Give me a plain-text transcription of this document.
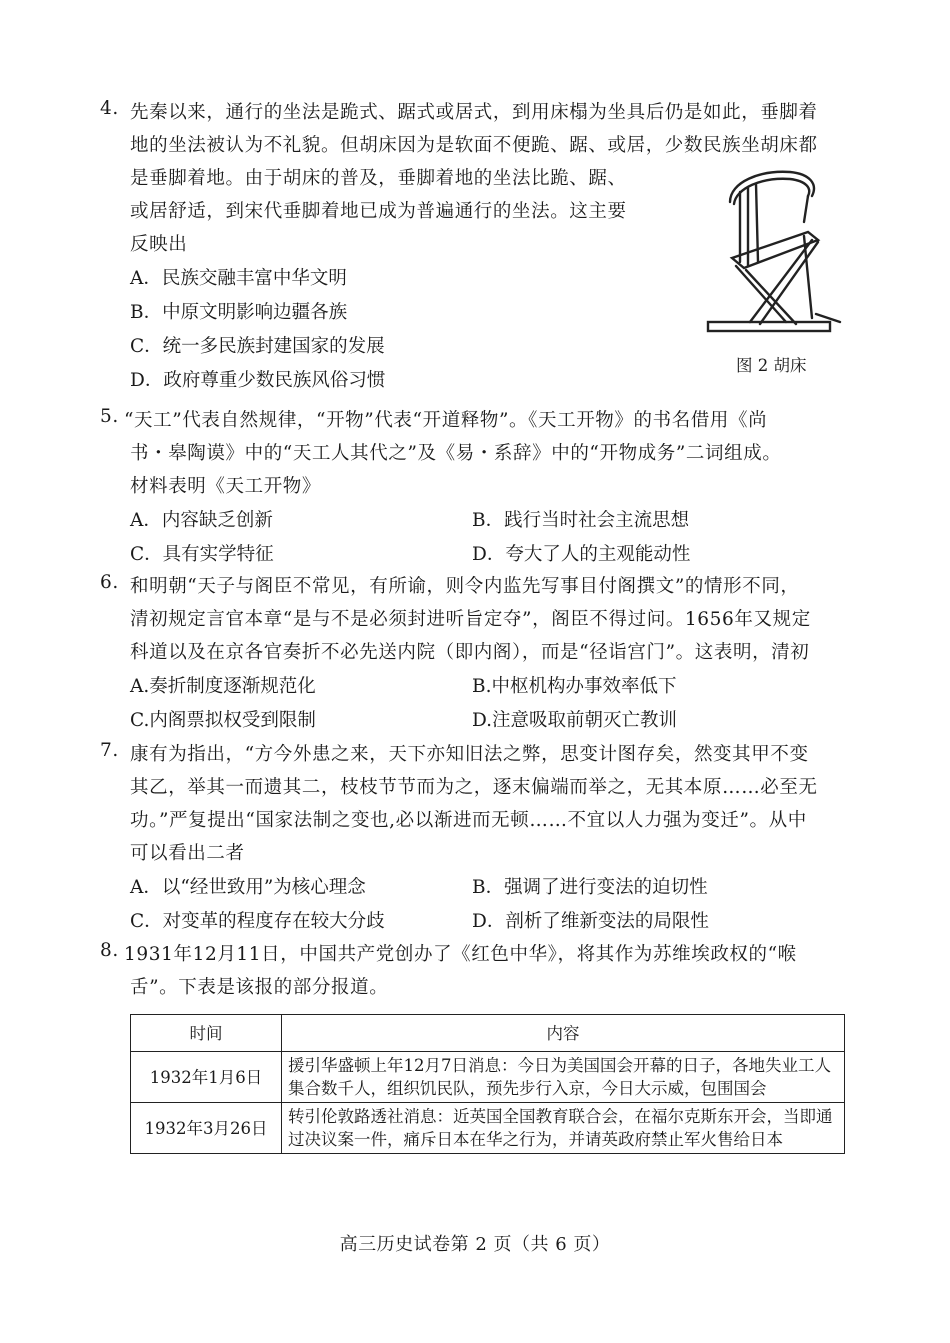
4. 先秦以来，通行的坐法是跪式、踞式或居式，到用床榻为坐具后仍是如此，垂脚着
地的坐法被认为不礼貌。但胡床因为是软面不便跪、踞、或居，少数民族坐胡床都
是垂脚着地。由于胡床的普及，垂脚着地的坐法比跪、踞、
或居舒适，到宋代垂脚着地已成为普遍通行的坐法。这主要
反映出
A．民族交融丰富中华文明
B．中原文明影响边疆各族
C．统一多民族封建国家的发展
D．政府尊重少数民族风俗习惯
图 2 胡床
5. “天工”代表自然规律，“开物”代表“开道释物”。《天工开物》的书名借用《尚
书・皋陶谟》中的“天工人其代之”及《易・系辞》中的“开物成务”二词组成。
材料表明《天工开物》
A．内容缺乏创新	B．践行当时社会主流思想
C．具有实学特征	D．夸大了人的主观能动性
6. 和明朝“天子与阁臣不常见，有所谕，则令内监先写事目付阁撰文”的情形不同，
清初规定言官本章“是与不是必须封进听旨定夺”，阁臣不得过问。1656年又规定
科道以及在京各官奏折不必先送内院（即内阁），而是“径诣宫门”。这表明，清初
A.奏折制度逐渐规范化	B.中枢机构办事效率低下
C.内阁票拟权受到限制	D.注意吸取前朝灭亡教训
7. 康有为指出，“方今外患之来，天下亦知旧法之弊，思变计图存矣，然变其甲不变
其乙，举其一而遗其二，枝枝节节而为之，逐末偏端而举之，无其本原……必至无
功。”严复提出“国家法制之变也,必以渐进而无顿……不宜以人力强为变迁”。从中
可以看出二者
A．以“经世致用”为核心理念	B．强调了进行变法的迫切性
C．对变革的程度存在较大分歧	D．剖析了维新变法的局限性
8. 1931年12月11日，中国共产党创办了《红色中华》，将其作为苏维埃政权的“喉
舌”。下表是该报的部分报道。
时间	内容
1932年1月6日	援引华盛顿上年12月7日消息：今日为美国国会开幕的日子，各地失业工人集合数千人，组织饥民队，预先步行入京，今日大示威，包围国会
1932年3月26日	转引伦敦路透社消息：近英国全国教育联合会，在福尔克斯东开会，当即通过决议案一件，痛斥日本在华之行为，并请英政府禁止军火售给日本
高三历史试卷第 2 页（共 6 页）
